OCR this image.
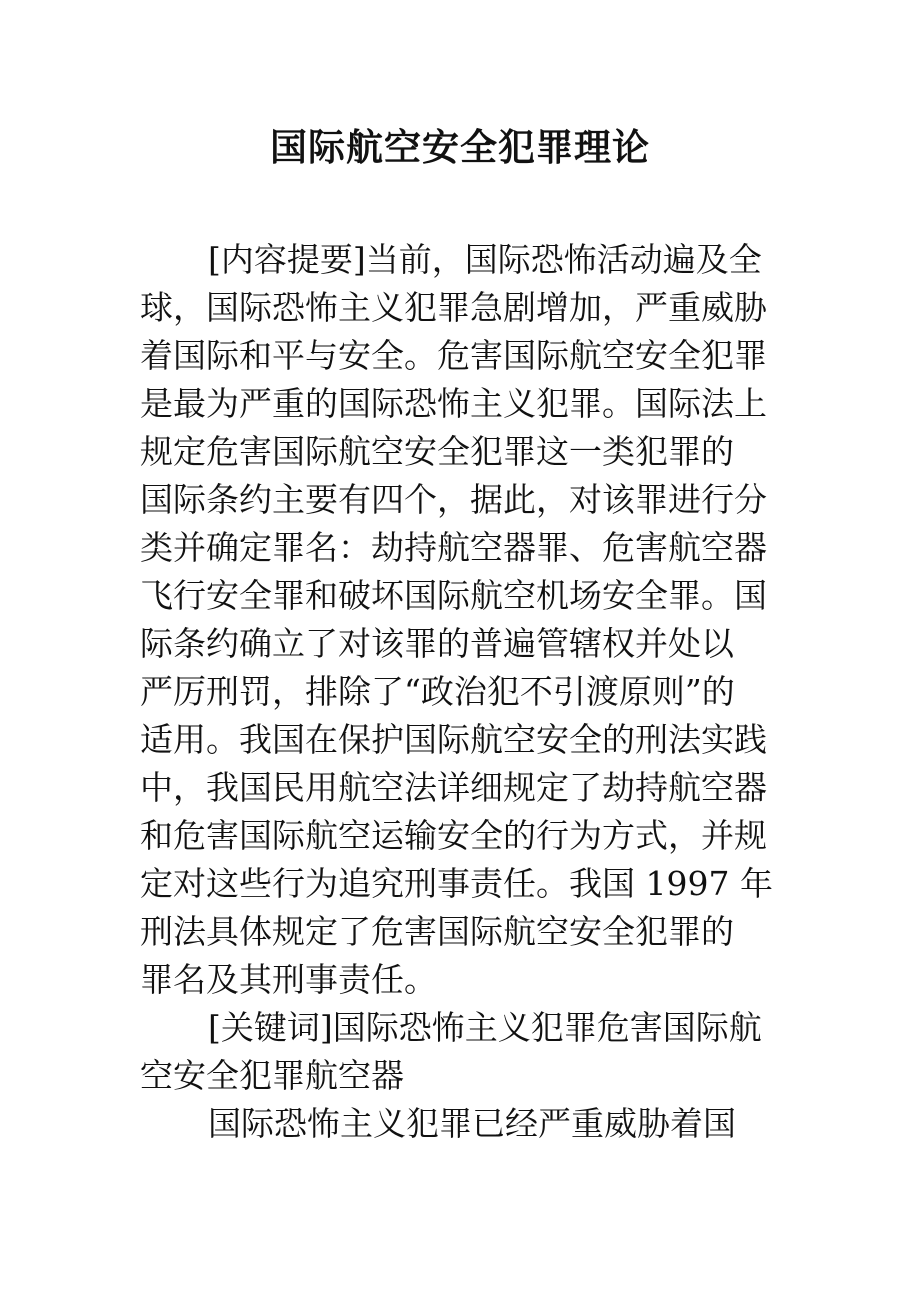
国际航空安全犯罪理论
[内容提要]当前，国际恐怖活动遍及全
球，国际恐怖主义犯罪急剧增加，严重威胁
着国际和平与安全。危害国际航空安全犯罪
是最为严重的国际恐怖主义犯罪。国际法上
规定危害国际航空安全犯罪这一类犯罪的
国际条约主要有四个，据此，对该罪进行分
类并确定罪名：劫持航空器罪、危害航空器
飞行安全罪和破坏国际航空机场安全罪。国
际条约确立了对该罪的普遍管辖权并处以
严厉刑罚，排除了“政治犯不引渡原则”的
适用。我国在保护国际航空安全的刑法实践
中，我国民用航空法详细规定了劫持航空器
和危害国际航空运输安全的行为方式，并规
定对这些行为追究刑事责任。我国 1997 年
刑法具体规定了危害国际航空安全犯罪的
罪名及其刑事责任。
[关键词]国际恐怖主义犯罪危害国际航
空安全犯罪航空器
国际恐怖主义犯罪已经严重威胁着国
